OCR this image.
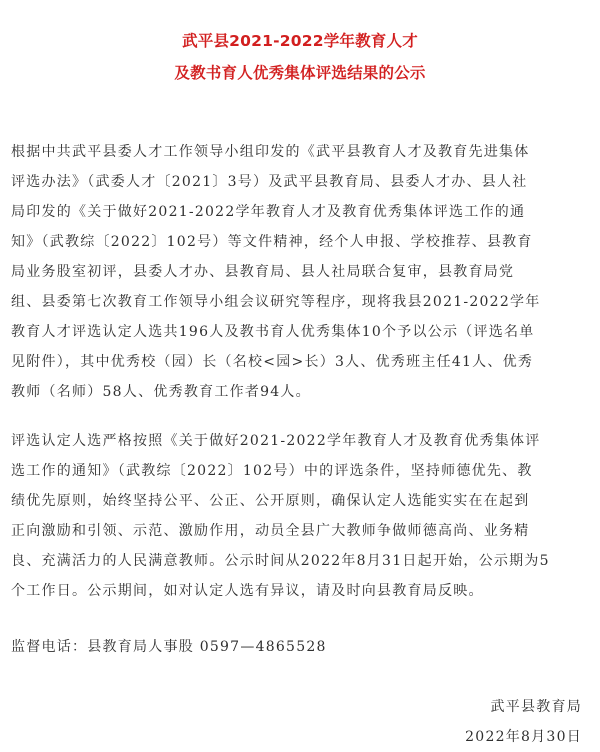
武平县2021-2022学年教育人才
及教书育人优秀集体评选结果的公示
根据中共武平县委人才工作领导小组印发的《武平县教育人才及教育先进集体
评选办法》（武委人才〔2021〕3号）及武平县教育局、县委人才办、县人社
局印发的《关于做好2021-2022学年教育人才及教育优秀集体评选工作的通
知》（武教综〔2022〕102号）等文件精神，经个人申报、学校推荐、县教育
局业务股室初评，县委人才办、县教育局、县人社局联合复审，县教育局党
组、县委第七次教育工作领导小组会议研究等程序，现将我县2021-2022学年
教育人才评选认定人选共196人及教书育人优秀集体10个予以公示（评选名单
见附件），其中优秀校（园）长（名校<园>长）3人、优秀班主任41人、优秀
教师（名师）58人、优秀教育工作者94人。
评选认定人选严格按照《关于做好2021-2022学年教育人才及教育优秀集体评
选工作的通知》（武教综〔2022〕102号）中的评选条件，坚持师德优先、教
绩优先原则，始终坚持公平、公正、公开原则，确保认定人选能实实在在起到
正向激励和引领、示范、激励作用，动员全县广大教师争做师德高尚、业务精
良、充满活力的人民满意教师。公示时间从2022年8月31日起开始，公示期为5
个工作日。公示期间，如对认定人选有异议，请及时向县教育局反映。
监督电话：县教育局人事股 0597—4865528
武平县教育局
2022年8月30日
